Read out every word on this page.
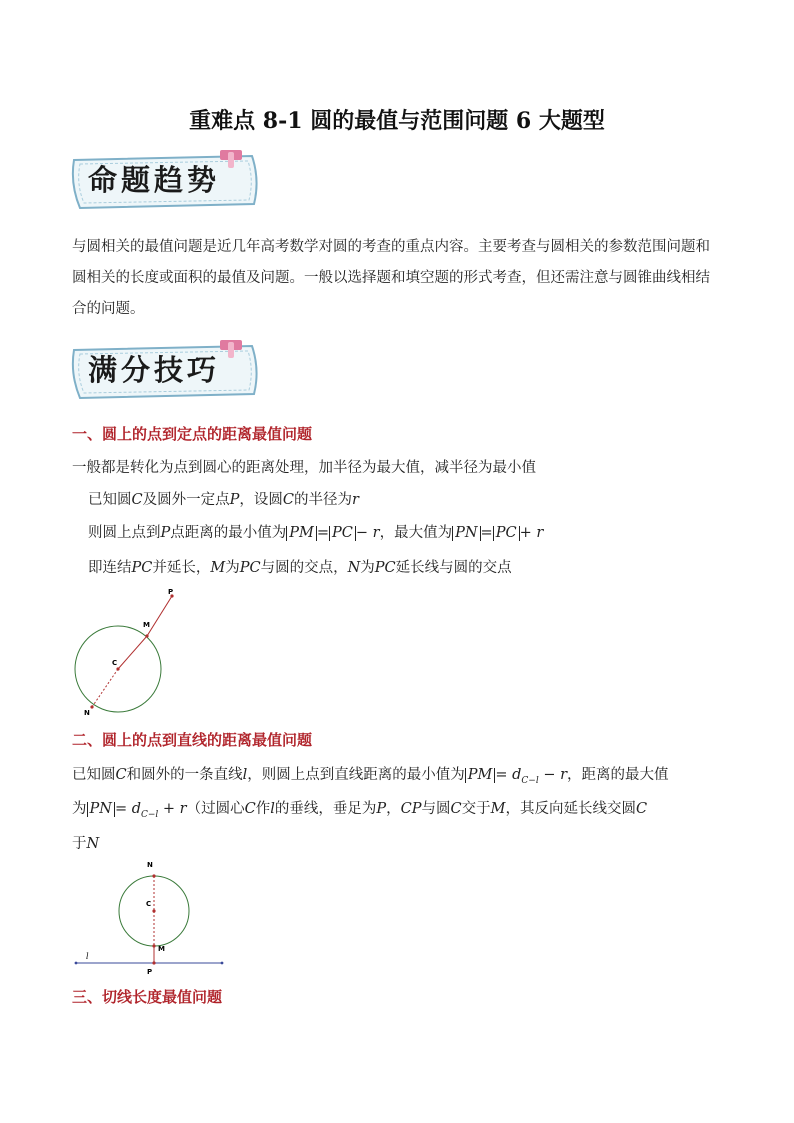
重难点 8-1 圆的最值与范围问题 6 大题型
命题趋势
与圆相关的最值问题是近几年高考数学对圆的考查的重点内容。主要考查与圆相关的参数范围问题和圆相关的长度或面积的最值及问题。一般以选择题和填空题的形式考查，但还需注意与圆锥曲线相结合的问题。
满分技巧
一、圆上的点到定点的距离最值问题
一般都是转化为点到圆心的距离处理，加半径为最大值，减半径为最小值
已知圆C及圆外一定点P，设圆C的半径为r
则圆上点到P点距离的最小值为 PM = PC − r，最大值为 PN = PC + r
即连结PC并延长，M为PC与圆的交点，N为PC延长线与圆的交点
P
M
C
N
二、圆上的点到直线的距离最值问题
已知圆C和圆外的一条直线l，则圆上点到直线距离的最小值为 PM = $d_{C-l} - r$，距离的最大值
为 PN = $d_{C-l} + r$（过圆心C作l的垂线，垂足为P，CP与圆C交于M，其反向延长线交圆C
于N
N
C
M
P
l
三、切线长度最值问题
